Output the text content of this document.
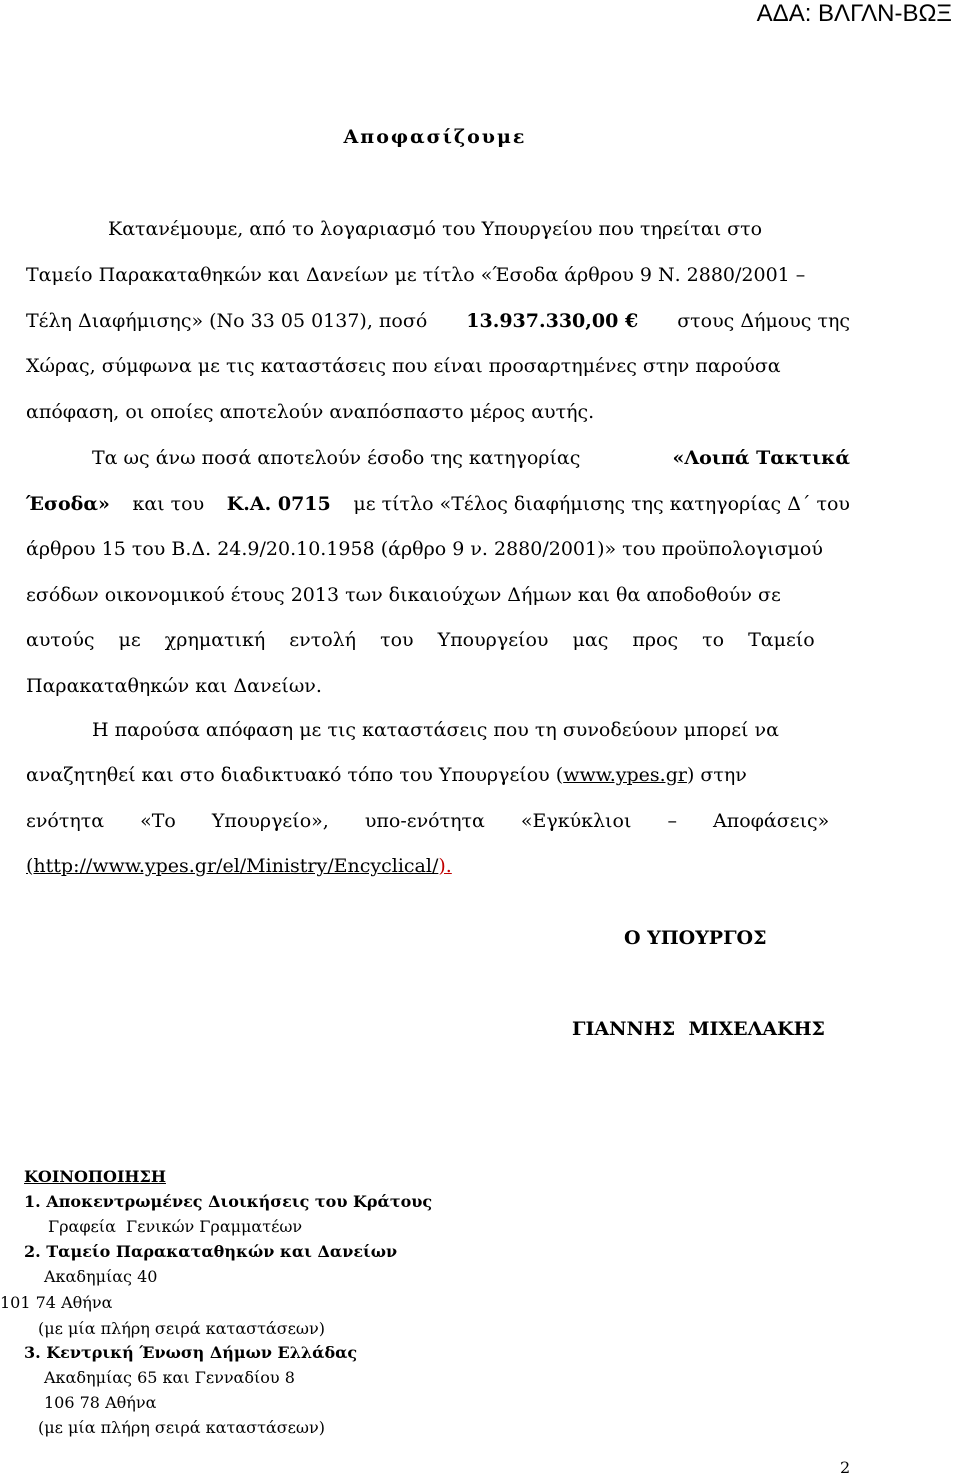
ΑΔΑ: ΒΛΓΛΝ-ΒΩΞ
Αποφασίζουμε
Κατανέμουμε, από το λογαριασμό του Υπουργείου που τηρείται στο
Ταμείο Παρακαταθηκών και Δανείων με τίτλο «Έσοδα άρθρου 9 Ν. 2880/2001 –
Τέλη Διαφήμισης» (Νο 33 05 0137), ποσό 13.937.330,00 € στους Δήμους της
Χώρας, σύμφωνα με τις καταστάσεις που είναι προσαρτημένες στην παρούσα
απόφαση, οι οποίες αποτελούν αναπόσπαστο μέρος αυτής.
Τα ως άνω ποσά αποτελούν έσοδο της κατηγορίας	«Λοιπά Τακτικά
Έσοδα» και του Κ.Α. 0715 με τίτλο «Τέλος διαφήμισης της κατηγορίας Δ΄ του
άρθρου 15 του Β.Δ. 24.9/20.10.1958 (άρθρο 9 ν. 2880/2001)» του προϋπολογισμού
εσόδων οικονομικού έτους 2013 των δικαιούχων Δήμων και θα αποδοθούν σε
αυτούς με χρηματική εντολή του Υπουργείου μας προς το Ταμείο
Παρακαταθηκών και Δανείων.
Η παρούσα απόφαση με τις καταστάσεις που τη συνοδεύουν μπορεί να
αναζητηθεί και στο διαδικτυακό τόπο του Υπουργείου (www.ypes.gr) στην
ενότητα «Το Υπουργείο», υπο-ενότητα «Εγκύκλιοι – Αποφάσεις»
(http://www.ypes.gr/el/Ministry/Encyclical/).
Ο ΥΠΟΥΡΓΟΣ
ΓΙΑΝΝΗΣ  ΜΙΧΕΛΑΚΗΣ
ΚΟΙΝΟΠΟΙΗΣΗ
1. Αποκεντρωμένες Διοικήσεις του Κράτους
Γραφεία  Γενικών Γραμματέων
2. Ταμείο Παρακαταθηκών και Δανείων
Ακαδημίας 40
101 74 Αθήνα
(με μία πλήρη σειρά καταστάσεων)
3. Κεντρική Ένωση Δήμων Ελλάδας
Ακαδημίας 65 και Γενναδίου 8
106 78 Αθήνα
(με μία πλήρη σειρά καταστάσεων)
2
